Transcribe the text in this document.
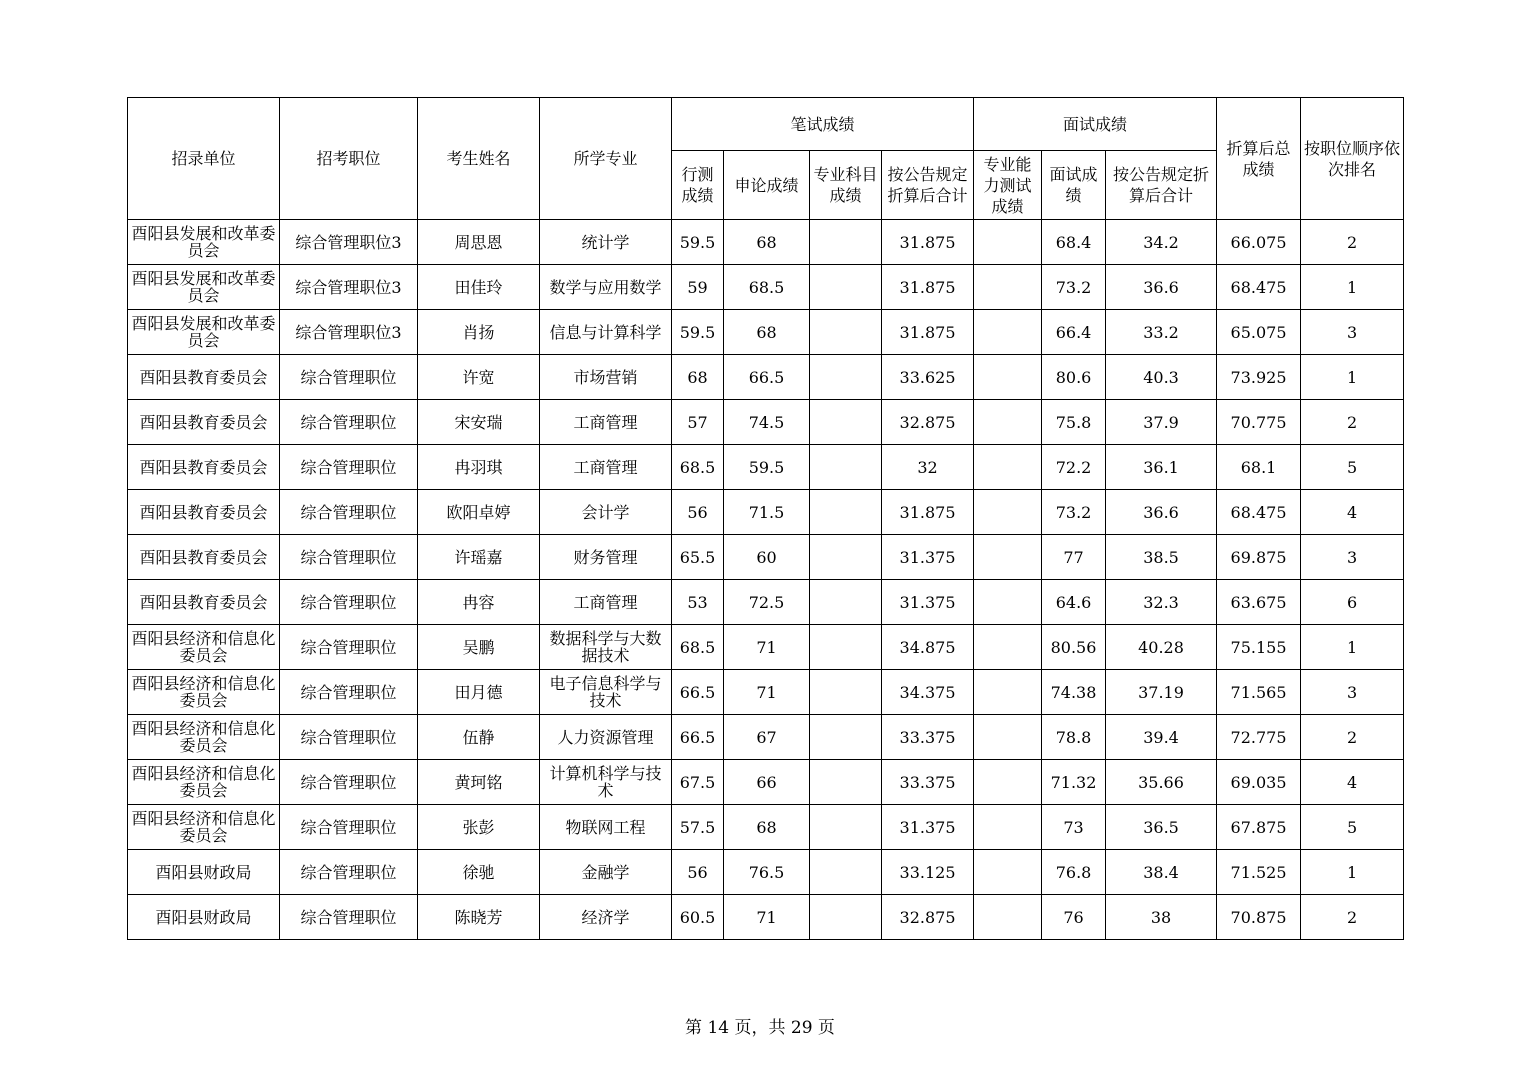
招录单位	招考职位	考生姓名	所学专业	笔试成绩				面试成绩			折算后总成绩	按职位顺序依次排名
				行测成绩	申论成绩	专业科目成绩	按公告规定折算后合计	专业能力测试成绩	面试成绩	按公告规定折算后合计		
酉阳县发展和改革委员会	综合管理职位3	周思恩	统计学	59.5	68		31.875		68.4	34.2	66.075	2
酉阳县发展和改革委员会	综合管理职位3	田佳玲	数学与应用数学	59	68.5		31.875		73.2	36.6	68.475	1
酉阳县发展和改革委员会	综合管理职位3	肖扬	信息与计算科学	59.5	68		31.875		66.4	33.2	65.075	3
酉阳县教育委员会	综合管理职位	许宽	市场营销	68	66.5		33.625		80.6	40.3	73.925	1
酉阳县教育委员会	综合管理职位	宋安瑞	工商管理	57	74.5		32.875		75.8	37.9	70.775	2
酉阳县教育委员会	综合管理职位	冉羽琪	工商管理	68.5	59.5		32		72.2	36.1	68.1	5
酉阳县教育委员会	综合管理职位	欧阳卓婷	会计学	56	71.5		31.875		73.2	36.6	68.475	4
酉阳县教育委员会	综合管理职位	许瑶嘉	财务管理	65.5	60		31.375		77	38.5	69.875	3
酉阳县教育委员会	综合管理职位	冉容	工商管理	53	72.5		31.375		64.6	32.3	63.675	6
酉阳县经济和信息化委员会	综合管理职位	吴鹏	数据科学与大数据技术	68.5	71		34.875		80.56	40.28	75.155	1
酉阳县经济和信息化委员会	综合管理职位	田月德	电子信息科学与技术	66.5	71		34.375		74.38	37.19	71.565	3
酉阳县经济和信息化委员会	综合管理职位	伍静	人力资源管理	66.5	67		33.375		78.8	39.4	72.775	2
酉阳县经济和信息化委员会	综合管理职位	黄珂铭	计算机科学与技术	67.5	66		33.375		71.32	35.66	69.035	4
酉阳县经济和信息化委员会	综合管理职位	张彭	物联网工程	57.5	68		31.375		73	36.5	67.875	5
酉阳县财政局	综合管理职位	徐驰	金融学	56	76.5		33.125		76.8	38.4	71.525	1
酉阳县财政局	综合管理职位	陈晓芳	经济学	60.5	71		32.875		76	38	70.875	2
第 14 页，共 29 页
